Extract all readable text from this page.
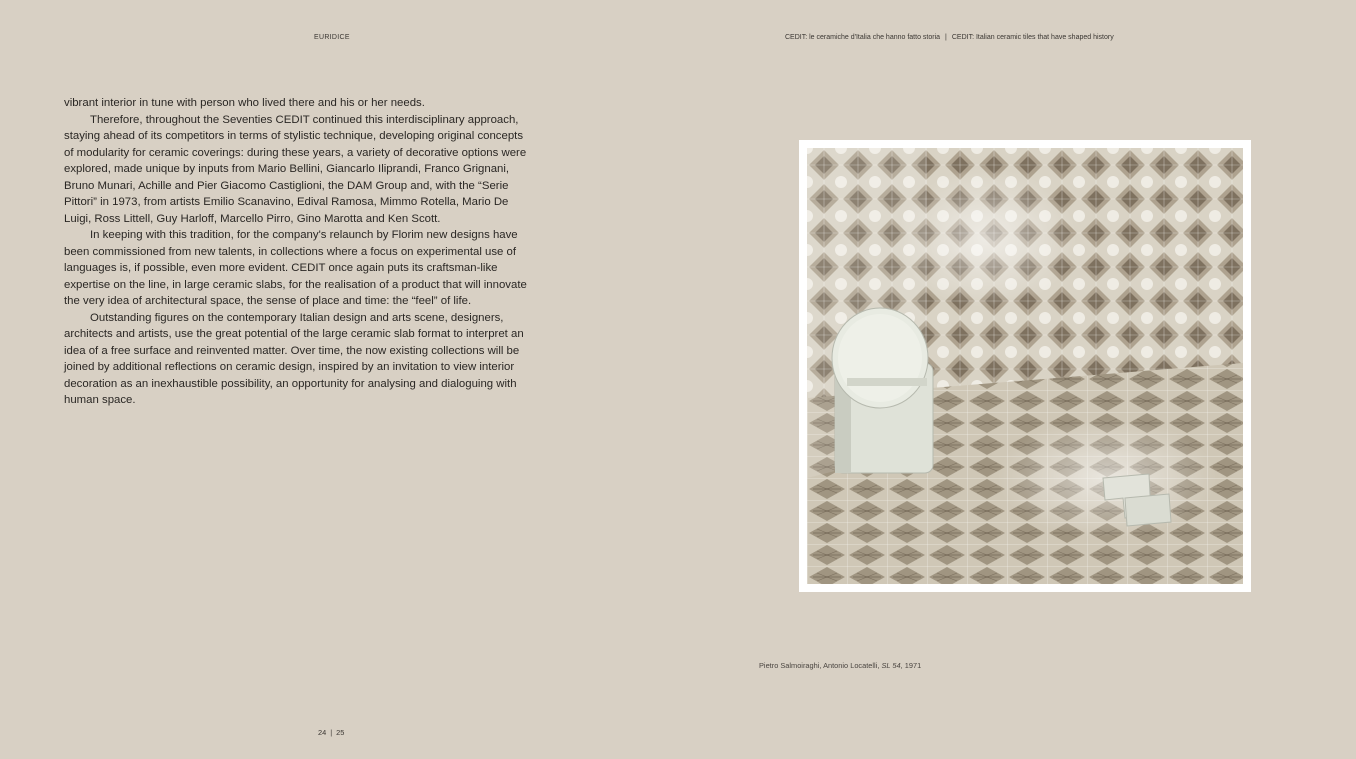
EURIDICE	CEDIT: le ceramiche d'Italia che hanno fatto storia | CEDIT: Italian ceramic tiles that have shaped history

vibrant interior in tune with person who lived there and his or her needs.

Therefore, throughout the Seventies CEDIT continued this interdisciplinary approach, staying ahead of its competitors in terms of stylistic technique, developing original concepts of modularity for ceramic coverings: during these years, a variety of decorative options were explored, made unique by inputs from Mario Bellini, Giancarlo Iliprandi, Franco Grignani, Bruno Munari, Achille and Pier Giacomo Castiglioni, the DAM Group and, with the “Serie Pittori” in 1973, from artists Emilio Scanavino, Edival Ramosa, Mimmo Rotella, Mario De Luigi, Ross Littell, Guy Harloff, Marcello Pirro, Gino Marotta and Ken Scott.

In keeping with this tradition, for the company's relaunch by Florim new designs have been commissioned from new talents, in collections where a focus on experimental use of languages is, if possible, even more evident. CEDIT once again puts its craftsman-like expertise on the line, in large ceramic slabs, for the realisation of a product that will innovate the very idea of architectural space, the sense of place and time: the “feel” of life.

Outstanding figures on the contemporary Italian design and arts scene, designers, architects and artists, use the great potential of the large ceramic slab format to interpret an idea of a free surface and reinvented matter. Over time, the now existing collections will be joined by additional reflections on ceramic design, inspired by an invitation to view interior decoration as an inexhaustible possibility, an opportunity for analysing and dialoguing with human space.

Pietro Salmoiraghi, Antonio Locatelli, SL 54, 1971
24 | 25
